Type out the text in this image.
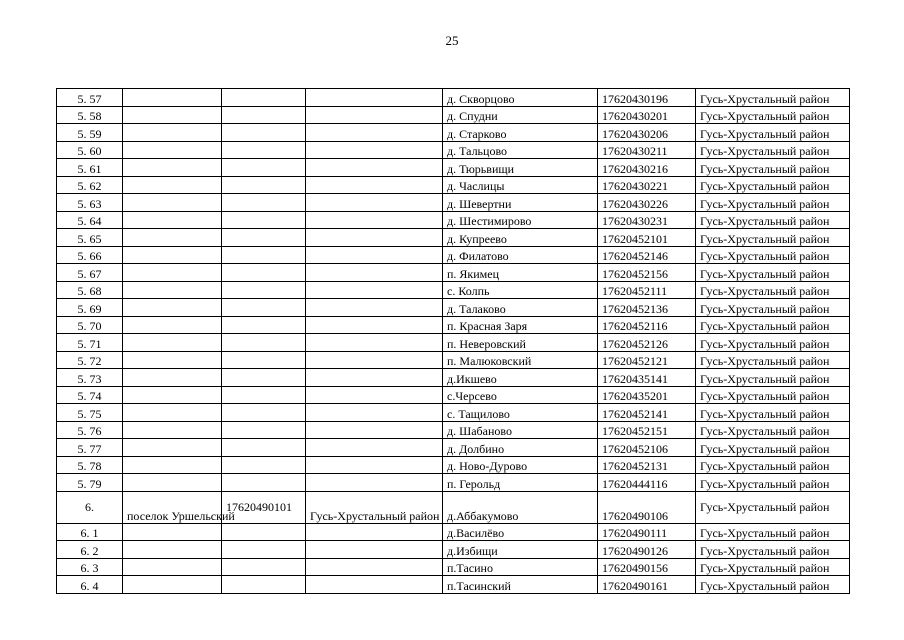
25
5. 57				д. Скворцово	17620430196	Гусь-Хрустальный район
5. 58				д. Спудни	17620430201	Гусь-Хрустальный район
5. 59				д. Старково	17620430206	Гусь-Хрустальный район
5. 60				д. Тальцово	17620430211	Гусь-Хрустальный район
5. 61				д. Тюрьвищи	17620430216	Гусь-Хрустальный район
5. 62				д. Часлицы	17620430221	Гусь-Хрустальный район
5. 63				д. Шевертни	17620430226	Гусь-Хрустальный район
5. 64				д. Шестимирово	17620430231	Гусь-Хрустальный район
5. 65				д. Купреево	17620452101	Гусь-Хрустальный район
5. 66				д. Филатово	17620452146	Гусь-Хрустальный район
5. 67				п. Якимец	17620452156	Гусь-Хрустальный район
5. 68				с. Колпь	17620452111	Гусь-Хрустальный район
5. 69				д. Талаково	17620452136	Гусь-Хрустальный район
5. 70				п. Красная Заря	17620452116	Гусь-Хрустальный район
5. 71				п. Неверовский	17620452126	Гусь-Хрустальный район
5. 72				п. Малюковский	17620452121	Гусь-Хрустальный район
5. 73				д.Икшево	17620435141	Гусь-Хрустальный район
5. 74				с.Черсево	17620435201	Гусь-Хрустальный район
5. 75				с. Тащилово	17620452141	Гусь-Хрустальный район
5. 76				д. Шабаново	17620452151	Гусь-Хрустальный район
5. 77				д. Долбино	17620452106	Гусь-Хрустальный район
5. 78				д. Ново-Дурово	17620452131	Гусь-Хрустальный район
5. 79				п. Герольд	17620444116	Гусь-Хрустальный район
6.	поселок Уршельский	17620490101	Гусь-Хрустальный район	д.Аббакумово	17620490106	Гусь-Хрустальный район
6. 1				д.Василёво	17620490111	Гусь-Хрустальный район
6. 2				д.Избищи	17620490126	Гусь-Хрустальный район
6. 3				п.Тасино	17620490156	Гусь-Хрустальный район
6. 4				п.Тасинский	17620490161	Гусь-Хрустальный район
